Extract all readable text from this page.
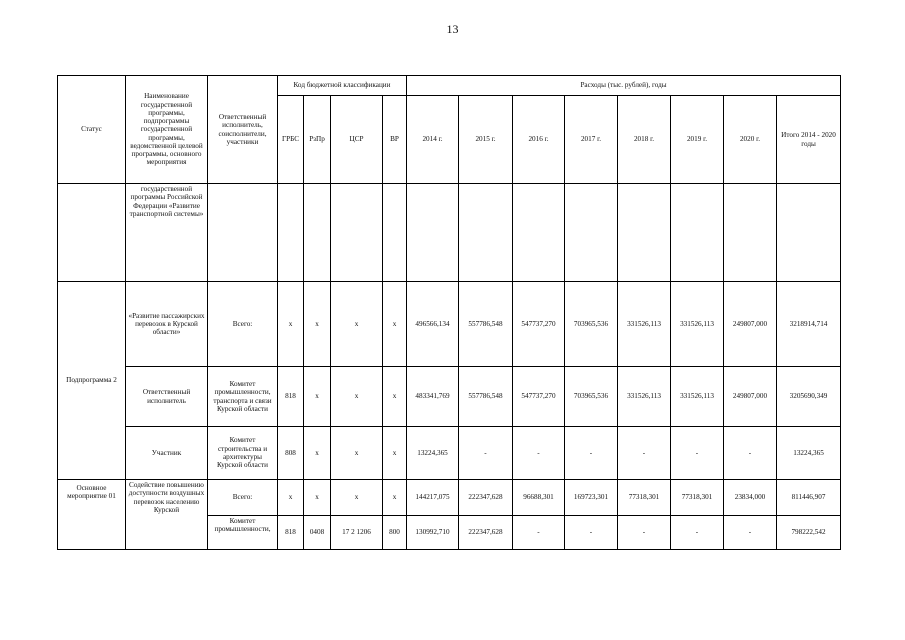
13
Статус	Наименование государственной программы, подпрограммы государственной программы, ведомственной целевой программы, основного мероприятия	Ответственный исполнитель, соисполнители, участники	Код бюджетной классификации				Расходы (тыс. рублей), годы							
			ГРБС	РзПр	ЦСР	ВР	2014 г.	2015 г.	2016 г.	2017 г.	2018 г.	2019 г.	2020 г.	Итого 2014 - 2020 годы
	государственной программы Российской Федерации «Развитие транспортной системы»													
Подпрограмма 2	«Развитие пассажирских перевозок в Курской области»	Всего:	х	х	х	х	496566,134	557786,548	547737,270	703965,536	331526,113	331526,113	249807,000	3218914,714
	Ответственный исполнитель	Комитет промышленности, транспорта и связи Курской области	818	х	х	х	483341,769	557786,548	547737,270	703965,536	331526,113	331526,113	249807,000	3205690,349
	Участник	Комитет строительства и архитектуры Курской области	808	х	х	х	13224,365	-	-	-	-	-	-	13224,365
Основное мероприятие 01	Содействие повышению доступности воздушных перевозок населению Курской	Всего:	х	х	х	х	144217,075	222347,628	96688,301	169723,301	77318,301	77318,301	23834,000	811446,907
		Комитет промышленности,	818	0408	17 2 1206	800	130992,710	222347,628	-	-	-	-	-	798222,542
